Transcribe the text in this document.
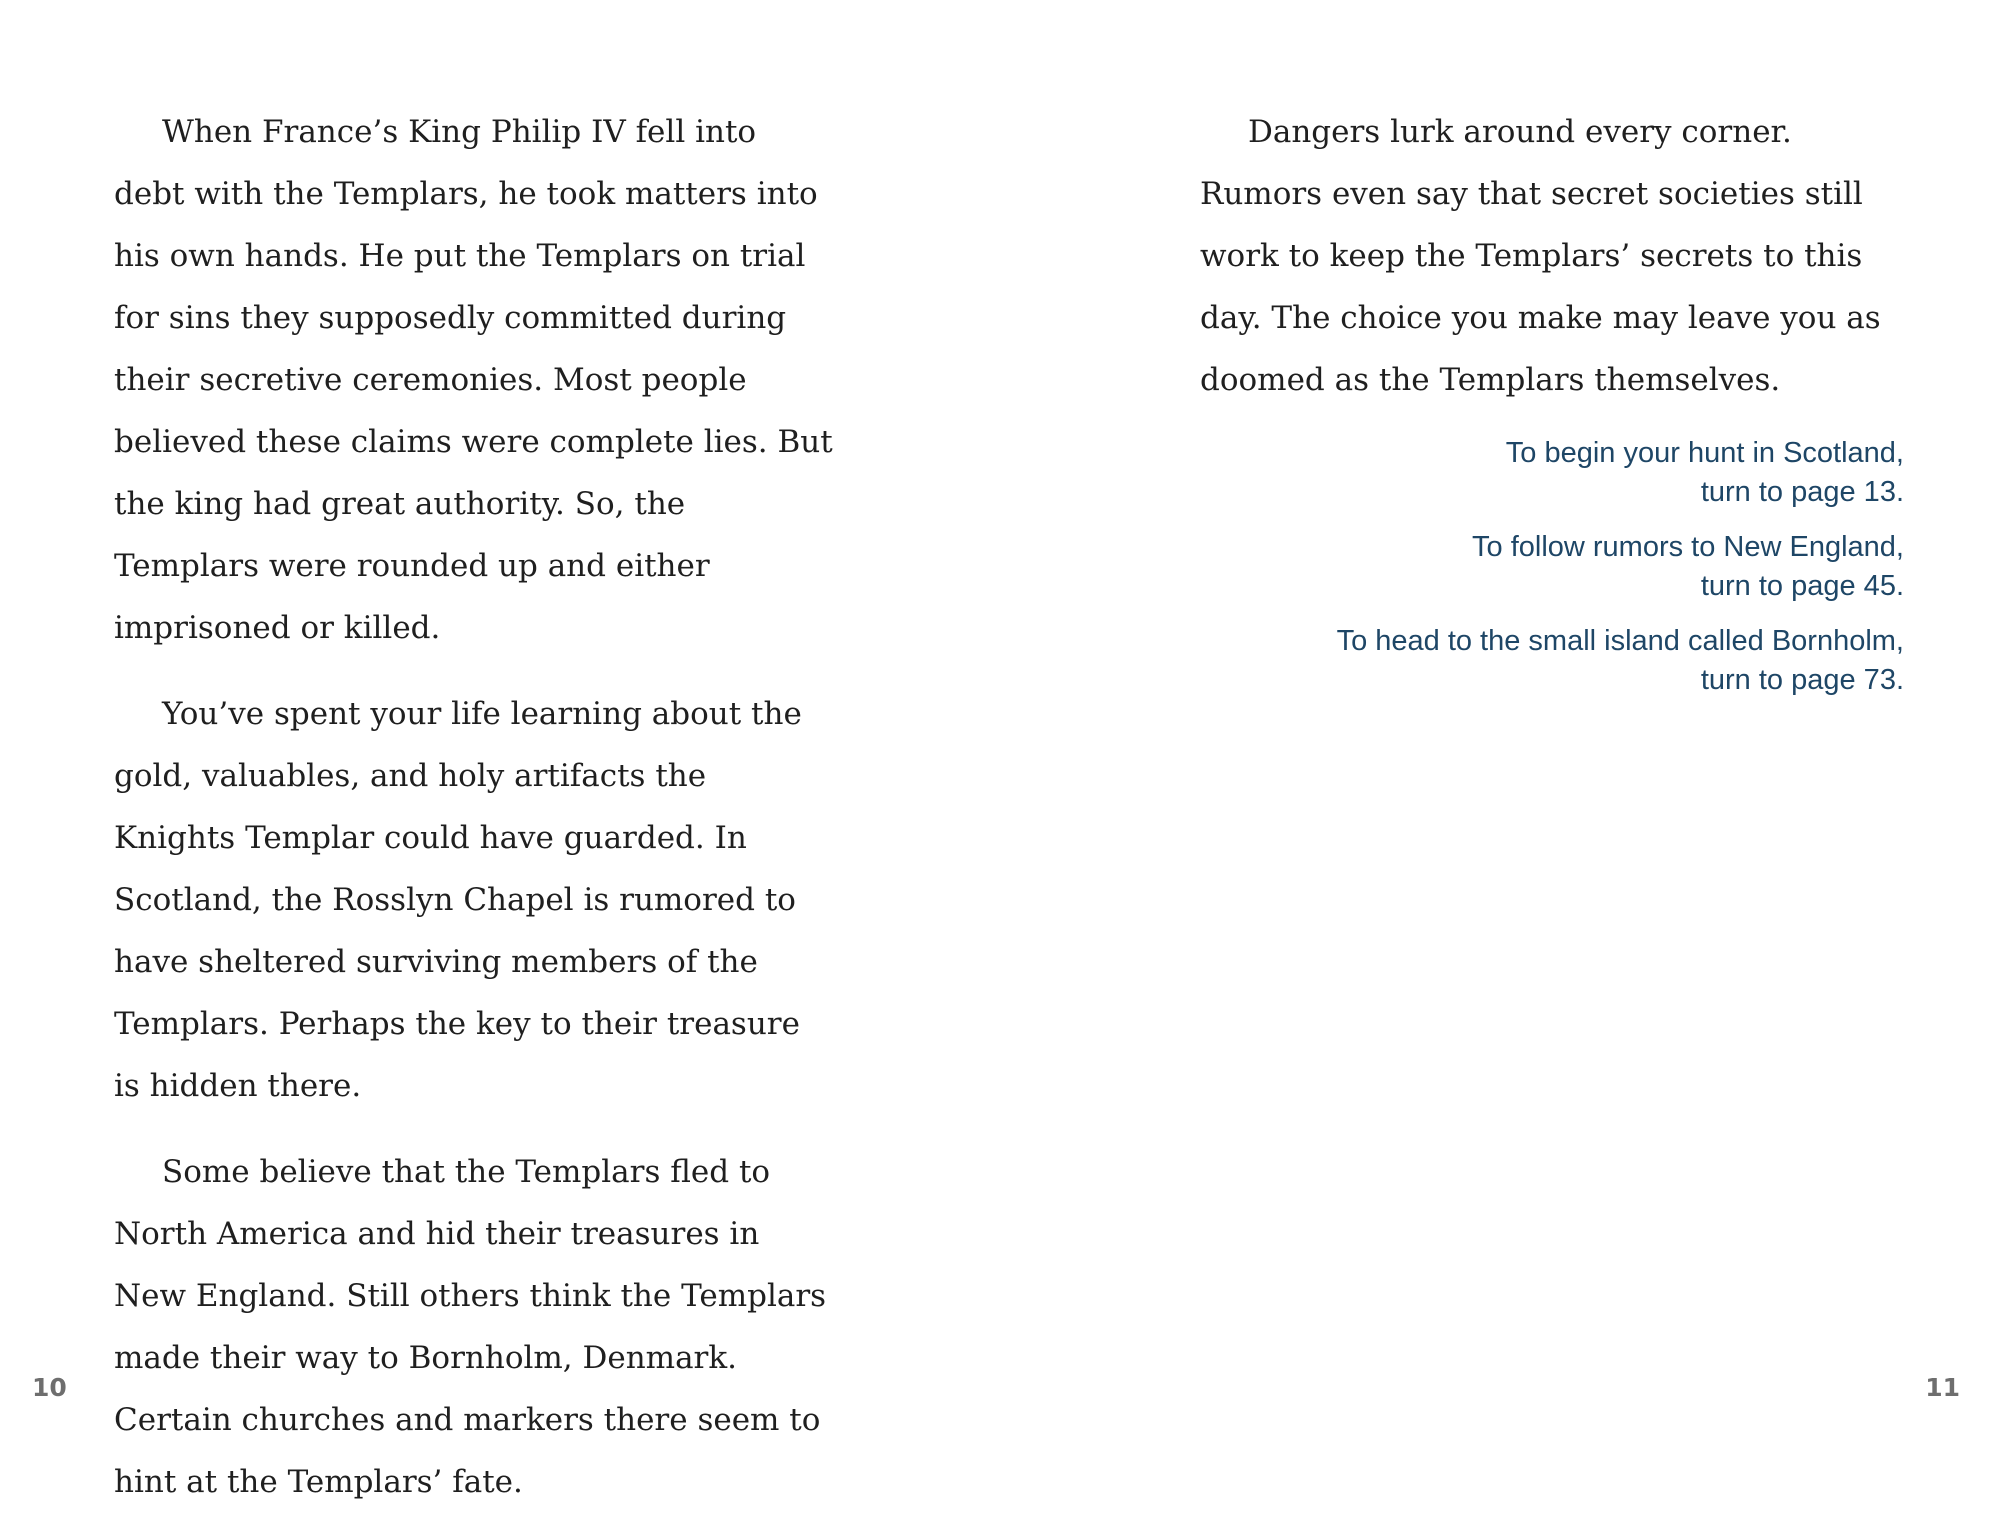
When France’s King Philip IV fell into debt with the Templars, he took matters into his own hands. He put the Templars on trial for sins they supposedly committed during their secretive ceremonies. Most people believed these claims were complete lies. But the king had great authority. So, the Templars were rounded up and either imprisoned or killed.

You’ve spent your life learning about the gold, valuables, and holy artifacts the Knights Templar could have guarded. In Scotland, the Rosslyn Chapel is rumored to have sheltered surviving members of the Templars. Perhaps the key to their treasure is hidden there.

Some believe that the Templars fled to North America and hid their treasures in New England. Still others think the Templars made their way to Bornholm, Denmark. Certain churches and markers there seem to hint at the Templars’ fate.

10

Dangers lurk around every corner. Rumors even say that secret societies still work to keep the Templars’ secrets to this day. The choice you make may leave you as doomed as the Templars themselves.

To begin your hunt in Scotland,
turn to page 13.
To follow rumors to New England,
turn to page 45.
To head to the small island called Bornholm,
turn to page 73.
11
